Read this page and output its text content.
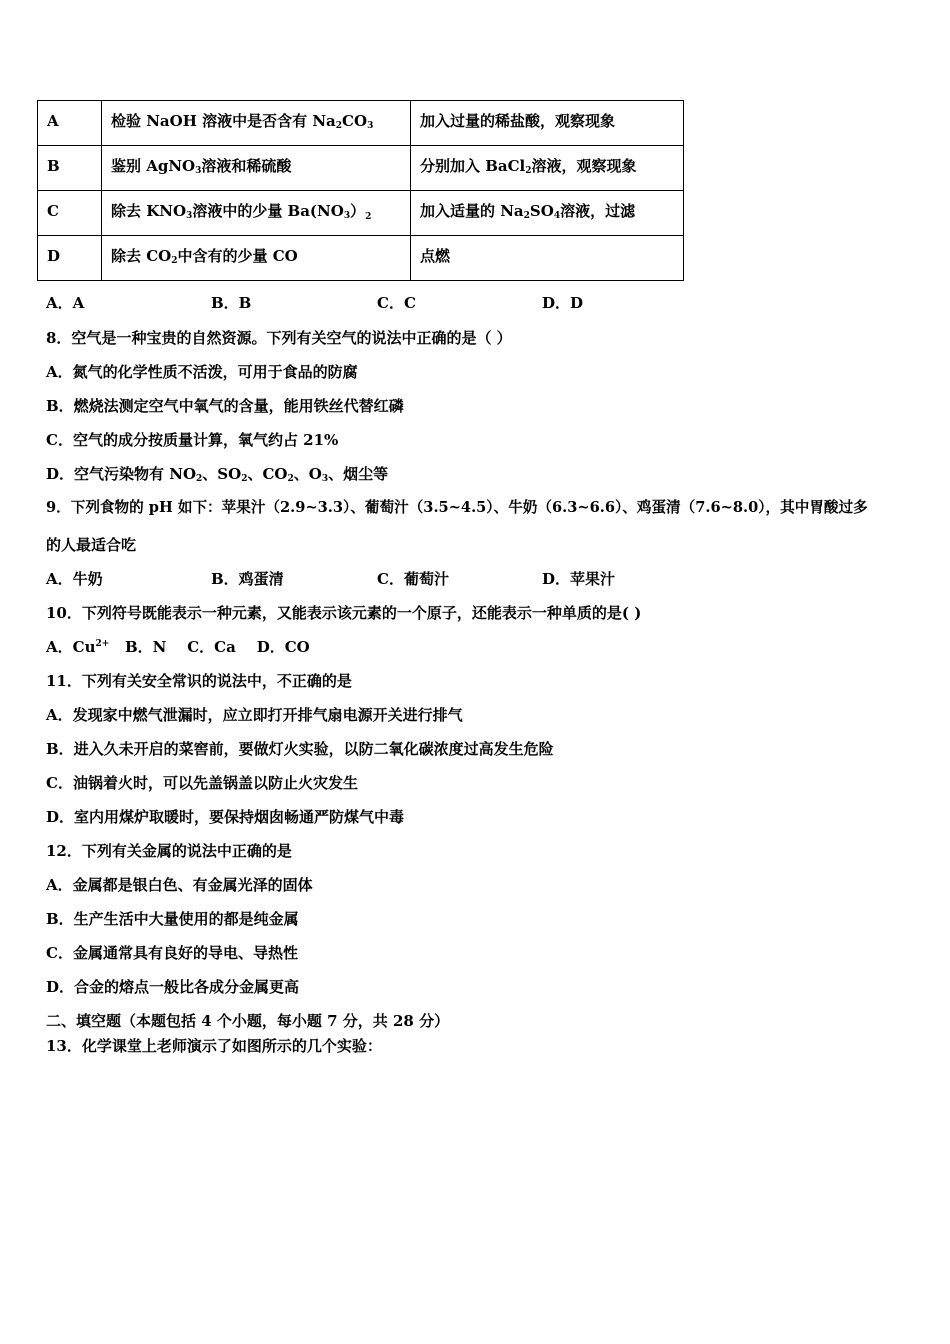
A	检验 NaOH 溶液中是否含有 $Na_2CO_3$	加入过量的稀盐酸，观察现象
B	鉴别 AgNO$_3$溶液和稀硫酸	分别加入 BaCl$_2$溶液，观察现象
C	除去 $KNO_3$溶液中的少量 $Ba(NO_3)_2$	加入适量的 $Na_2SO_4$溶液，过滤
D	除去 $CO_2$中含有的少量 CO	点燃
A．A	B．B	C．C	D．D
8．空气是一种宝贵的自然资源。下列有关空气的说法中正确的是（ ）
A．氮气的化学性质不活泼，可用于食品的防腐
B．燃烧法测定空气中氧气的含量，能用铁丝代替红磷
C．空气的成分按质量计算，氧气约占 21%
D．空气污染物有 $NO_2$、$SO_2$、$CO_2$、$O_3$、烟尘等
9．下列食物的 pH 如下：苹果汁（2.9~3.3）、葡萄汁（3.5~4.5）、牛奶（6.3~6.6）、鸡蛋清（7.6~8.0），其中胃酸过多
的人最适合吃
A．牛奶	B．鸡蛋清	C．葡萄汁	D．苹果汁
10．下列符号既能表示一种元素，又能表示该元素的一个原子，还能表示一种单质的是( )
A．$Cu^{2+}$ B．N    C．Ca    D．CO
11．下列有关安全常识的说法中，不正确的是
A．发现家中燃气泄漏时，应立即打开排气扇电源开关进行排气
B．进入久未开启的菜窖前，要做灯火实验，以防二氧化碳浓度过高发生危险
C．油锅着火时，可以先盖锅盖以防止火灾发生
D．室内用煤炉取暖时，要保持烟囱畅通严防煤气中毒
12．下列有关金属的说法中正确的是
A．金属都是银白色、有金属光泽的固体
B．生产生活中大量使用的都是纯金属
C．金属通常具有良好的导电、导热性
D．合金的熔点一般比各成分金属更高
二、填空题（本题包括 4 个小题，每小题 7 分，共 28 分）
13．化学课堂上老师演示了如图所示的几个实验：
